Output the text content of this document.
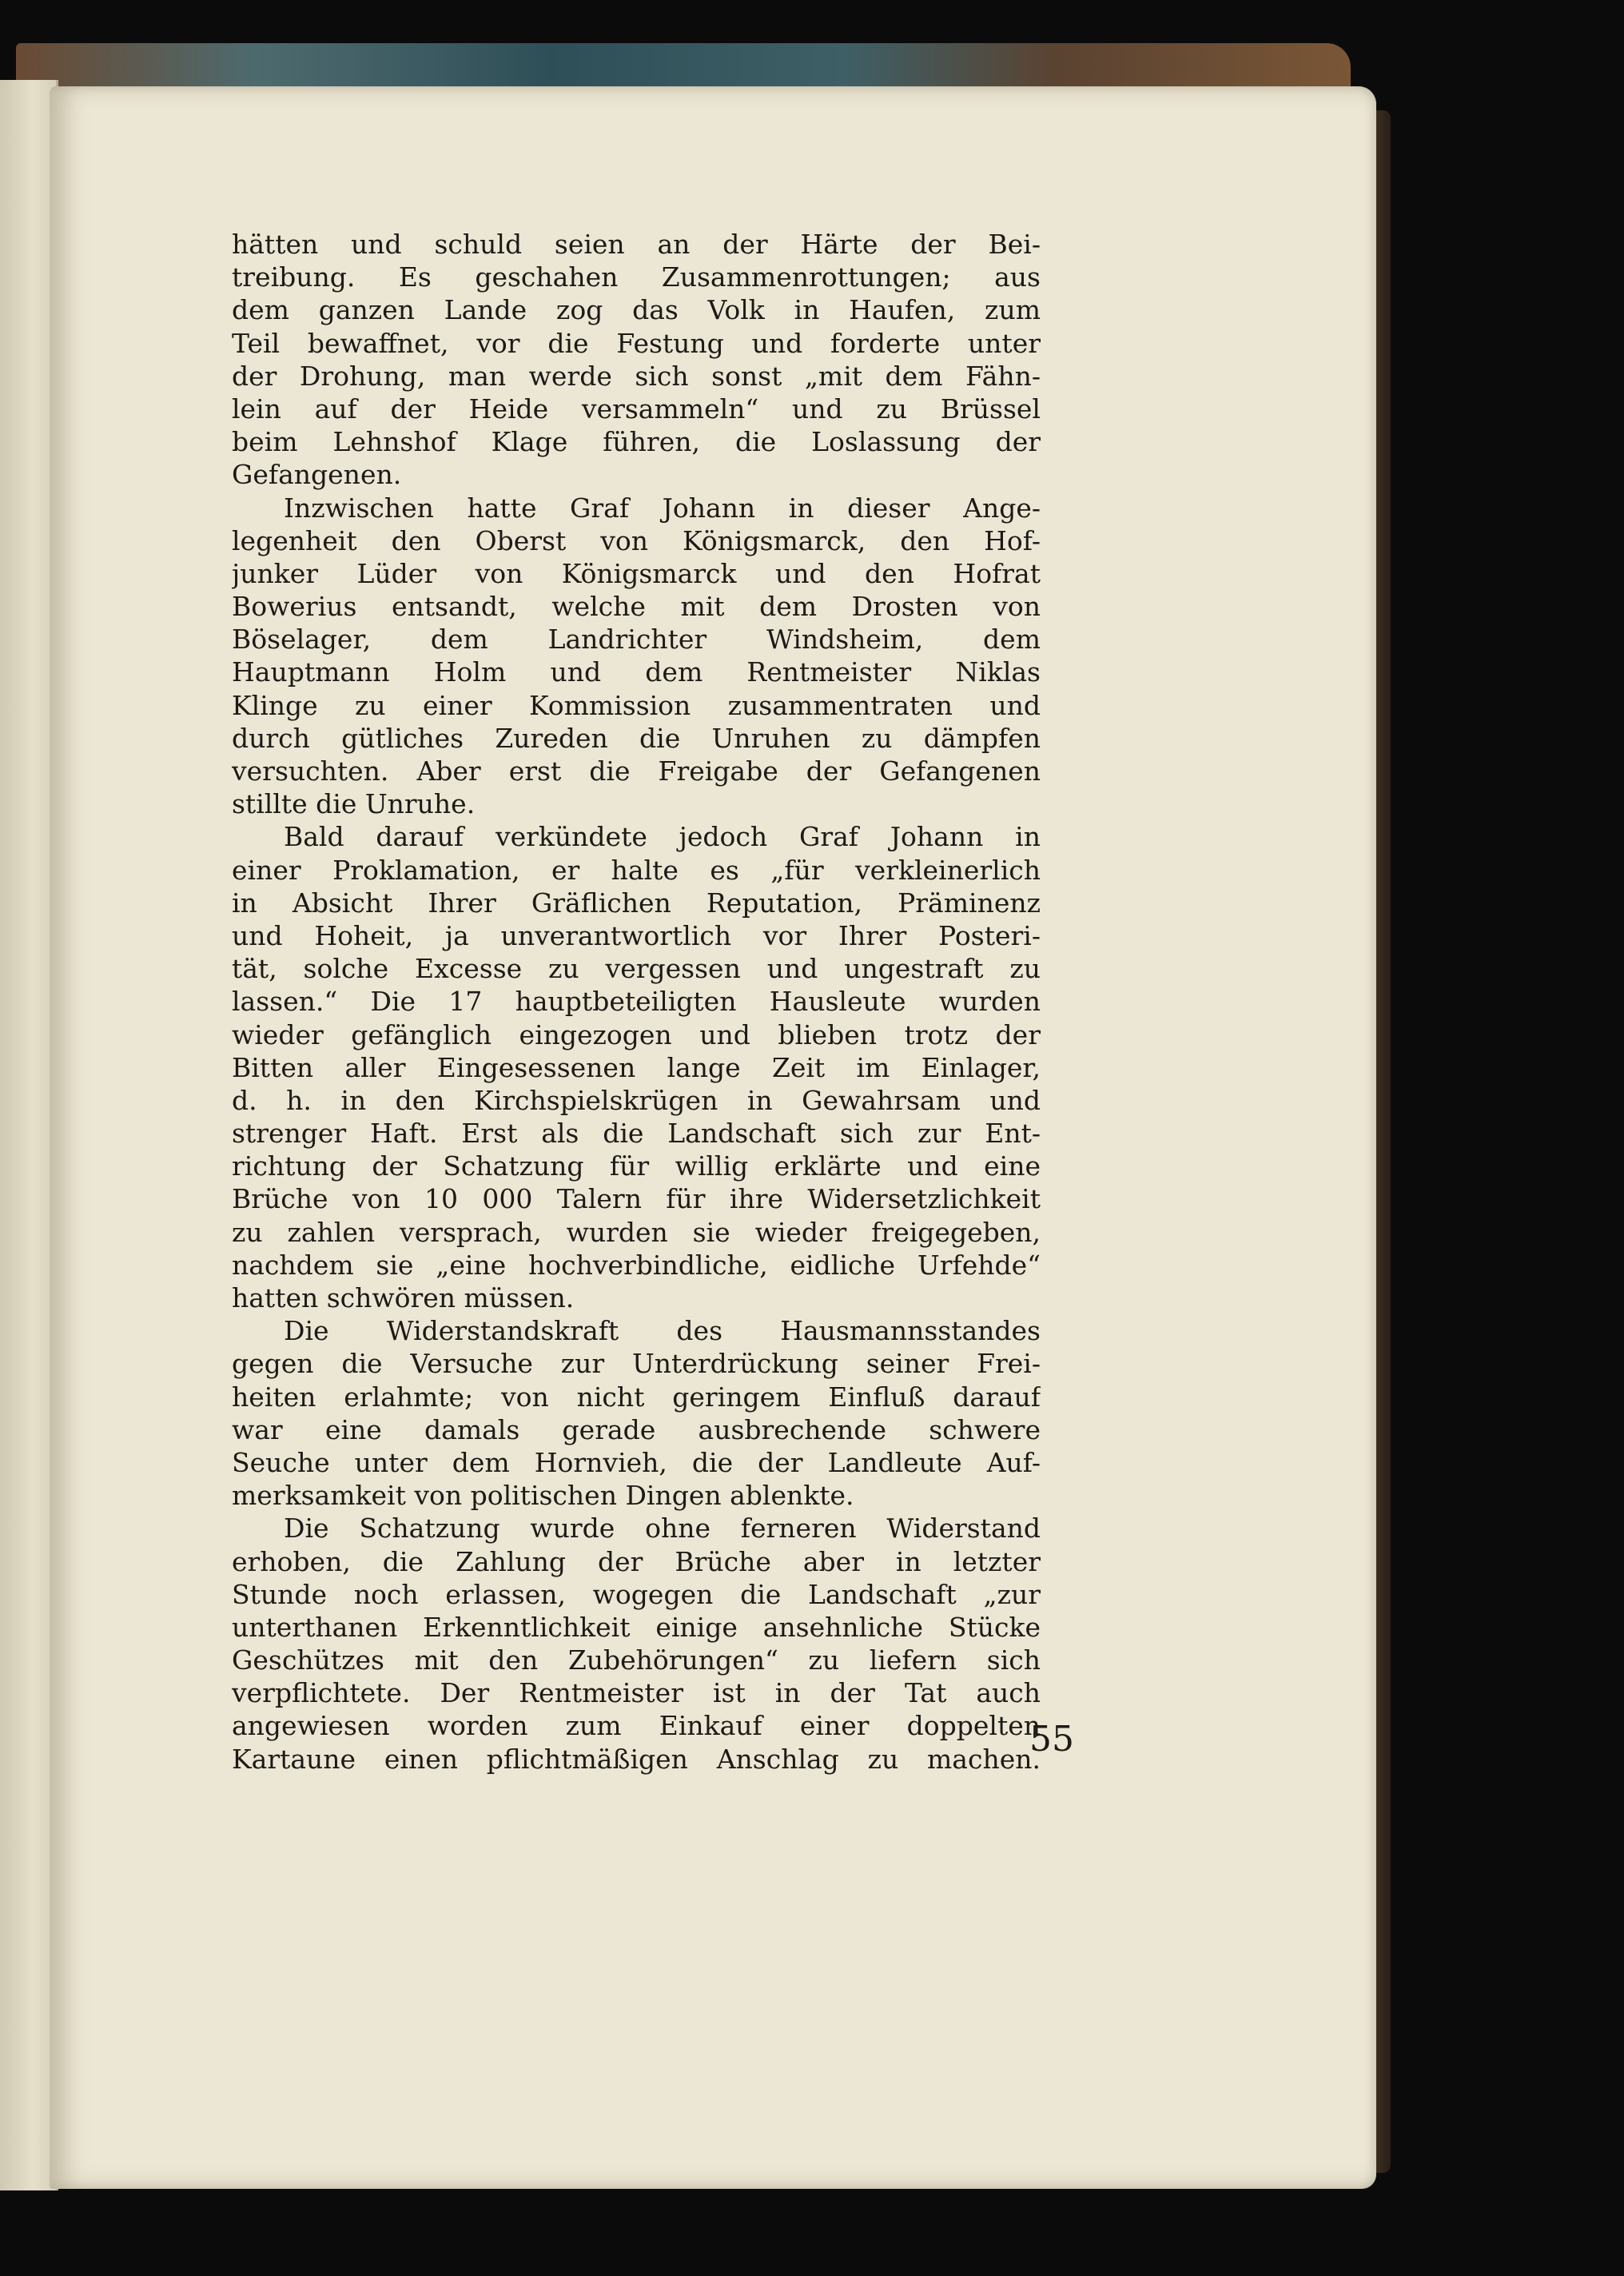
hätten und schuld seien an der Härte der Bei-
treibung. Es geschahen Zusammenrottungen; aus
dem ganzen Lande zog das Volk in Haufen, zum
Teil bewaffnet, vor die Festung und forderte unter
der Drohung, man werde sich sonst „mit dem Fähn-
lein auf der Heide versammeln“ und zu Brüssel
beim Lehnshof Klage führen, die Loslassung der
Gefangenen.
Inzwischen hatte Graf Johann in dieser Ange-
legenheit den Oberst von Königsmarck, den Hof-
junker Lüder von Königsmarck und den Hofrat
Bowerius entsandt, welche mit dem Drosten von
Böselager, dem Landrichter Windsheim, dem
Hauptmann Holm und dem Rentmeister Niklas
Klinge zu einer Kommission zusammentraten und
durch gütliches Zureden die Unruhen zu dämpfen
versuchten. Aber erst die Freigabe der Gefangenen
stillte die Unruhe.
Bald darauf verkündete jedoch Graf Johann in
einer Proklamation, er halte es „für verkleinerlich
in Absicht Ihrer Gräflichen Reputation, Präminenz
und Hoheit, ja unverantwortlich vor Ihrer Posteri-
tät, solche Excesse zu vergessen und ungestraft zu
lassen.“ Die 17 hauptbeteiligten Hausleute wurden
wieder gefänglich eingezogen und blieben trotz der
Bitten aller Eingesessenen lange Zeit im Einlager,
d. h. in den Kirchspielskrügen in Gewahrsam und
strenger Haft. Erst als die Landschaft sich zur Ent-
richtung der Schatzung für willig erklärte und eine
Brüche von 10 000 Talern für ihre Widersetzlichkeit
zu zahlen versprach, wurden sie wieder freigegeben,
nachdem sie „eine hochverbindliche, eidliche Urfehde“
hatten schwören müssen.
Die Widerstandskraft des Hausmannsstandes
gegen die Versuche zur Unterdrückung seiner Frei-
heiten erlahmte; von nicht geringem Einfluß darauf
war eine damals gerade ausbrechende schwere
Seuche unter dem Hornvieh, die der Landleute Auf-
merksamkeit von politischen Dingen ablenkte.
Die Schatzung wurde ohne ferneren Widerstand
erhoben, die Zahlung der Brüche aber in letzter
Stunde noch erlassen, wogegen die Landschaft „zur
unterthanen Erkenntlichkeit einige ansehnliche Stücke
Geschützes mit den Zubehörungen“ zu liefern sich
verpflichtete. Der Rentmeister ist in der Tat auch
angewiesen worden zum Einkauf einer doppelten
Kartaune einen pflichtmäßigen Anschlag zu machen.
55
